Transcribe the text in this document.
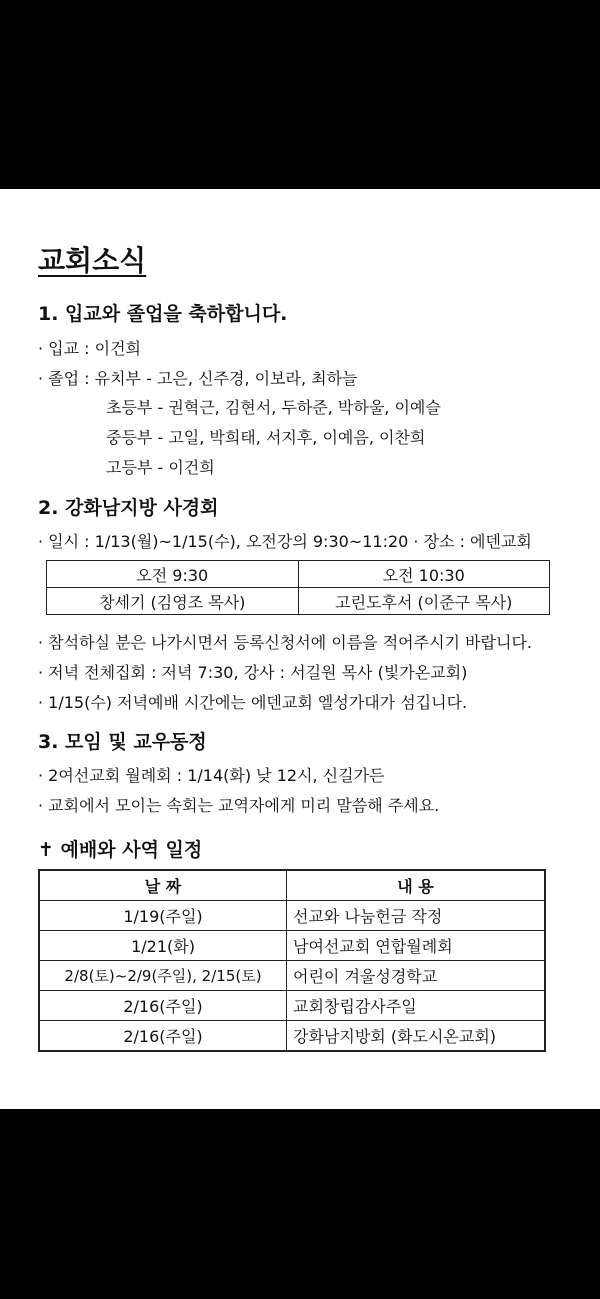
교회소식
1. 입교와 졸업을 축하합니다.
· 입교 : 이건희
· 졸업 : 유치부 - 고은, 신주경, 이보라, 최하늘
초등부 - 권혁근, 김현서, 두하준, 박하울, 이예슬
중등부 - 고일, 박희태, 서지후, 이예음, 이찬희
고등부 - 이건희
2. 강화남지방 사경회
· 일시 : 1/13(월)~1/15(수), 오전강의 9:30~11:20 · 장소 : 에덴교회
오전 9:30	오전 10:30
창세기 (김영조 목사)	고린도후서 (이준구 목사)
· 참석하실 분은 나가시면서 등록신청서에 이름을 적어주시기 바랍니다.
· 저녁 전체집회 : 저녁 7:30, 강사 : 서길원 목사 (빛가온교회)
· 1/15(수) 저녁예배 시간에는 에덴교회 엘성가대가 섬깁니다.
3. 모임 및 교우동정
· 2여선교회 월례회 : 1/14(화) 낮 12시, 신길가든
· 교회에서 모이는 속회는 교역자에게 미리 말씀해 주세요.
✝ 예배와 사역 일정
날 짜	내 용
1/19(주일)	선교와 나눔헌금 작정
1/21(화)	남여선교회 연합월례회
2/8(토)~2/9(주일), 2/15(토)	어린이 겨울성경학교
2/16(주일)	교회창립감사주일
2/16(주일)	강화남지방회 (화도시온교회)
